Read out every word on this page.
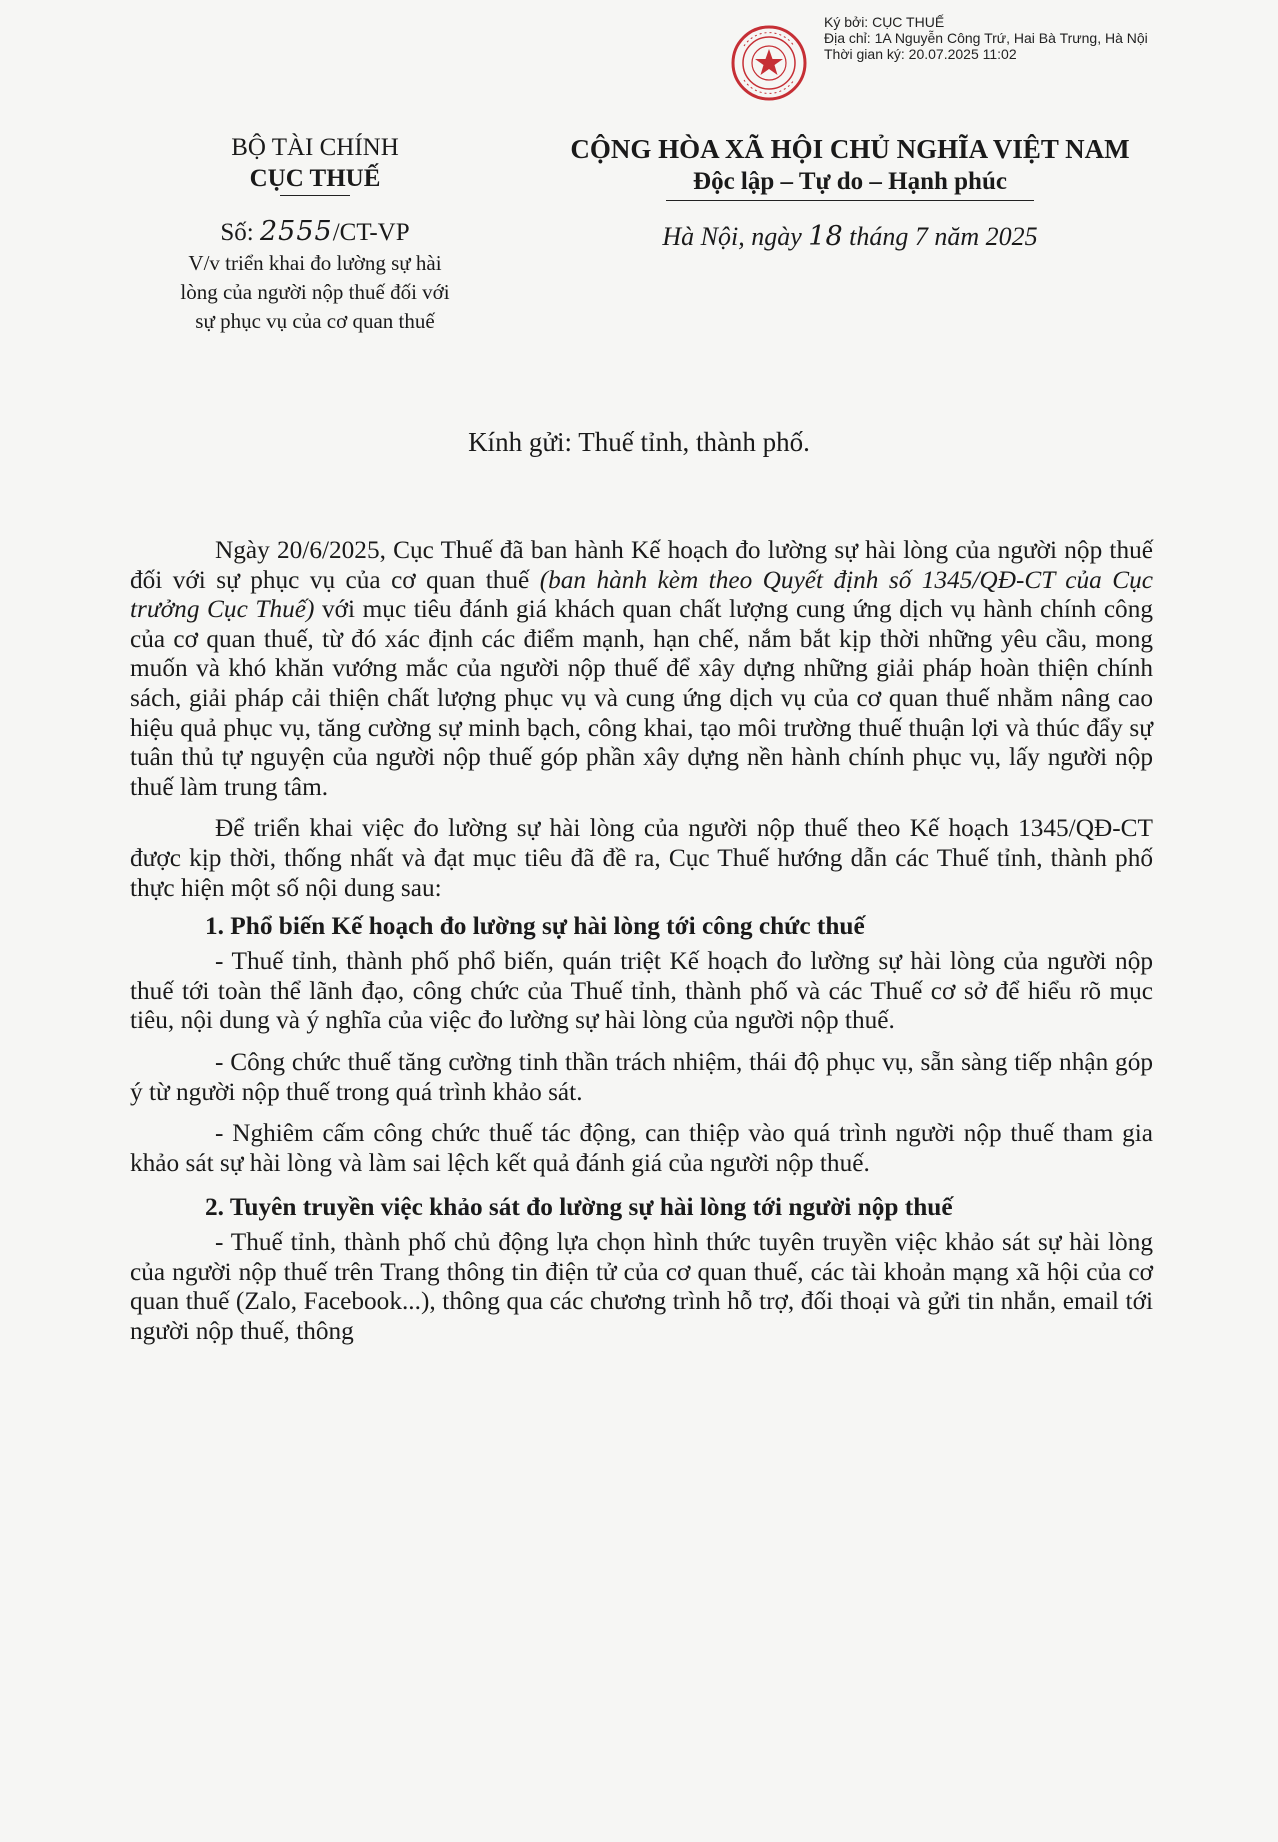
Ký bởi: CỤC THUẾ
Địa chỉ: 1A Nguyễn Công Trứ, Hai Bà Trưng, Hà Nội
Thời gian ký: 20.07.2025 11:02
BỘ TÀI CHÍNH
CỤC THUẾ
Số: 2555/CT-VP
V/v triển khai đo lường sự hài
lòng của người nộp thuế đối với
sự phục vụ của cơ quan thuế
CỘNG HÒA XÃ HỘI CHỦ NGHĨA VIỆT NAM
Độc lập – Tự do – Hạnh phúc
Hà Nội, ngày 18 tháng 7 năm 2025
Kính gửi: Thuế tỉnh, thành phố.

Ngày 20/6/2025, Cục Thuế đã ban hành Kế hoạch đo lường sự hài lòng của người nộp thuế đối với sự phục vụ của cơ quan thuế (ban hành kèm theo Quyết định số 1345/QĐ-CT của Cục trưởng Cục Thuế) với mục tiêu đánh giá khách quan chất lượng cung ứng dịch vụ hành chính công của cơ quan thuế, từ đó xác định các điểm mạnh, hạn chế, nắm bắt kịp thời những yêu cầu, mong muốn và khó khăn vướng mắc của người nộp thuế để xây dựng những giải pháp hoàn thiện chính sách, giải pháp cải thiện chất lượng phục vụ và cung ứng dịch vụ của cơ quan thuế nhằm nâng cao hiệu quả phục vụ, tăng cường sự minh bạch, công khai, tạo môi trường thuế thuận lợi và thúc đẩy sự tuân thủ tự nguyện của người nộp thuế góp phần xây dựng nền hành chính phục vụ, lấy người nộp thuế làm trung tâm.

Để triển khai việc đo lường sự hài lòng của người nộp thuế theo Kế hoạch 1345/QĐ-CT được kịp thời, thống nhất và đạt mục tiêu đã đề ra, Cục Thuế hướng dẫn các Thuế tỉnh, thành phố thực hiện một số nội dung sau:

1. Phổ biến Kế hoạch đo lường sự hài lòng tới công chức thuế

- Thuế tỉnh, thành phố phổ biến, quán triệt Kế hoạch đo lường sự hài lòng của người nộp thuế tới toàn thể lãnh đạo, công chức của Thuế tỉnh, thành phố và các Thuế cơ sở để hiểu rõ mục tiêu, nội dung và ý nghĩa của việc đo lường sự hài lòng của người nộp thuế.

- Công chức thuế tăng cường tinh thần trách nhiệm, thái độ phục vụ, sẵn sàng tiếp nhận góp ý từ người nộp thuế trong quá trình khảo sát.

- Nghiêm cấm công chức thuế tác động, can thiệp vào quá trình người nộp thuế tham gia khảo sát sự hài lòng và làm sai lệch kết quả đánh giá của người nộp thuế.

2. Tuyên truyền việc khảo sát đo lường sự hài lòng tới người nộp thuế

- Thuế tỉnh, thành phố chủ động lựa chọn hình thức tuyên truyền việc khảo sát sự hài lòng của người nộp thuế trên Trang thông tin điện tử của cơ quan thuế, các tài khoản mạng xã hội của cơ quan thuế (Zalo, Facebook...), thông qua các chương trình hỗ trợ, đối thoại và gửi tin nhắn, email tới người nộp thuế, thông
